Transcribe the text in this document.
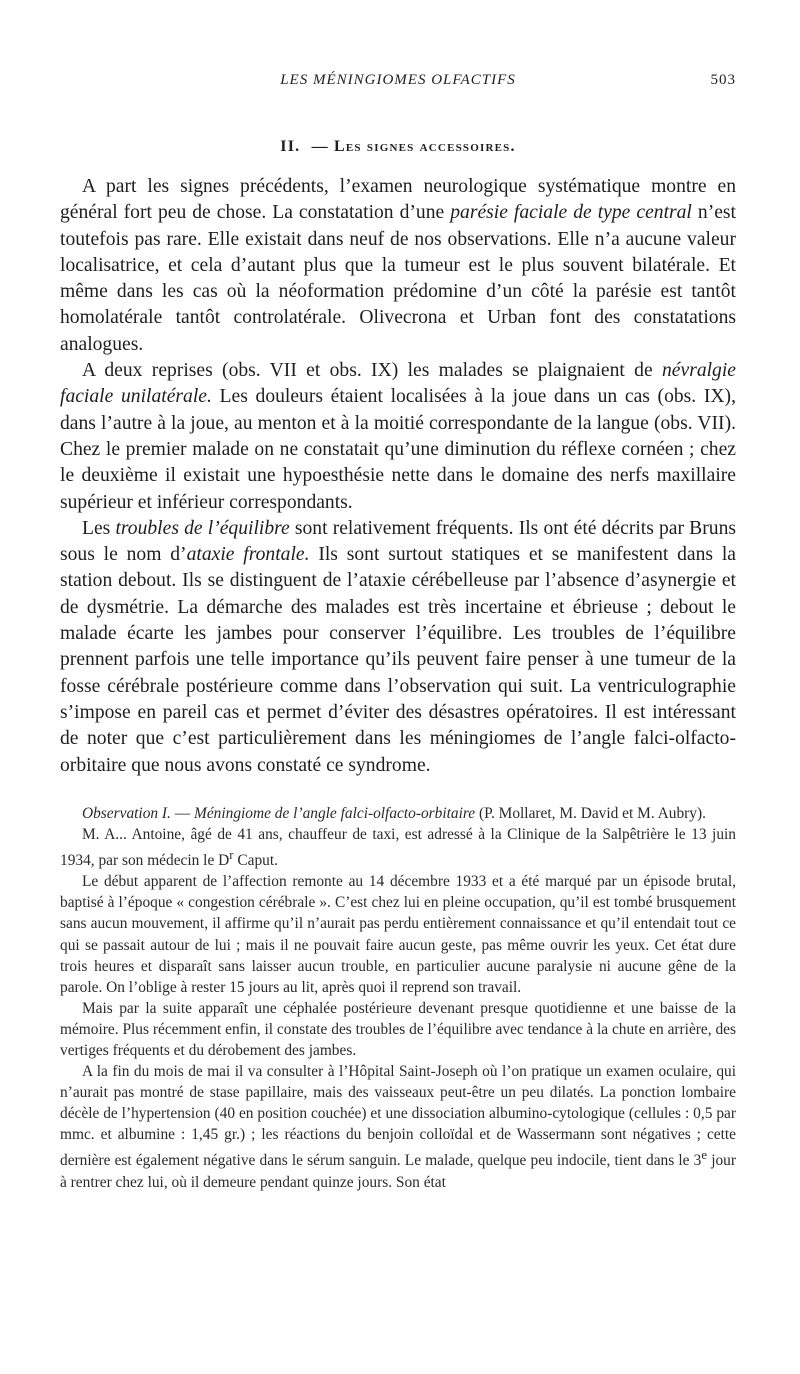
LES MÉNINGIOMES OLFACTIFS	503
II. — Les signes accessoires.

A part les signes précédents, l’examen neurologique systématique montre en général fort peu de chose. La constatation d’une parésie faciale de type central n’est toutefois pas rare. Elle existait dans neuf de nos observations. Elle n’a aucune valeur localisatrice, et cela d’autant plus que la tumeur est le plus souvent bilatérale. Et même dans les cas où la néoformation prédomine d’un côté la parésie est tantôt homolatérale tantôt controlatérale. Olivecrona et Urban font des constatations analogues.

A deux reprises (obs. VII et obs. IX) les malades se plaignaient de névralgie faciale unilatérale. Les douleurs étaient localisées à la joue dans un cas (obs. IX), dans l’autre à la joue, au menton et à la moitié correspondante de la langue (obs. VII). Chez le premier malade on ne constatait qu’une diminution du réflexe cornéen ; chez le deuxième il existait une hypoesthésie nette dans le domaine des nerfs maxillaire supérieur et inférieur correspondants.

Les troubles de l’équilibre sont relativement fréquents. Ils ont été décrits par Bruns sous le nom d’ataxie frontale. Ils sont surtout statiques et se manifestent dans la station debout. Ils se distinguent de l’ataxie cérébelleuse par l’absence d’asynergie et de dysmétrie. La démarche des malades est très incertaine et ébrieuse ; debout le malade écarte les jambes pour conserver l’équilibre. Les troubles de l’équilibre prennent parfois une telle importance qu’ils peuvent faire penser à une tumeur de la fosse cérébrale postérieure comme dans l’observation qui suit. La ventriculographie s’impose en pareil cas et permet d’éviter des désastres opératoires. Il est intéressant de noter que c’est particulièrement dans les méningiomes de l’angle falci-olfacto-orbitaire que nous avons constaté ce syndrome.

Observation I. — Méningiome de l’angle falci-olfacto-orbitaire (P. Mollaret, M. David et M. Aubry).

M. A... Antoine, âgé de 41 ans, chauffeur de taxi, est adressé à la Clinique de la Salpêtrière le 13 juin 1934, par son médecin le $D^r$ Caput.

Le début apparent de l’affection remonte au 14 décembre 1933 et a été marqué par un épisode brutal, baptisé à l’époque « congestion cérébrale ». C’est chez lui en pleine occupation, qu’il est tombé brusquement sans aucun mouvement, il affirme qu’il n’aurait pas perdu entièrement connaissance et qu’il entendait tout ce qui se passait autour de lui ; mais il ne pouvait faire aucun geste, pas même ouvrir les yeux. Cet état dure trois heures et disparaît sans laisser aucun trouble, en particulier aucune paralysie ni aucune gêne de la parole. On l’oblige à rester 15 jours au lit, après quoi il reprend son travail.

Mais par la suite apparaît une céphalée postérieure devenant presque quotidienne et une baisse de la mémoire. Plus récemment enfin, il constate des troubles de l’équilibre avec tendance à la chute en arrière, des vertiges fréquents et du dérobement des jambes.

A la fin du mois de mai il va consulter à l’Hôpital Saint-Joseph où l’on pratique un examen oculaire, qui n’aurait pas montré de stase papillaire, mais des vaisseaux peut-être un peu dilatés. La ponction lombaire décèle de l’hypertension (40 en position couchée) et une dissociation albumino-cytologique (cellules : 0,5 par mmc. et albumine : 1,45 gr.) ; les réactions du benjoin colloïdal et de Wassermann sont négatives ; cette dernière est également négative dans le sérum sanguin. Le malade, quelque peu indocile, tient dans le 3e jour à rentrer chez lui, où il demeure pendant quinze jours. Son état
